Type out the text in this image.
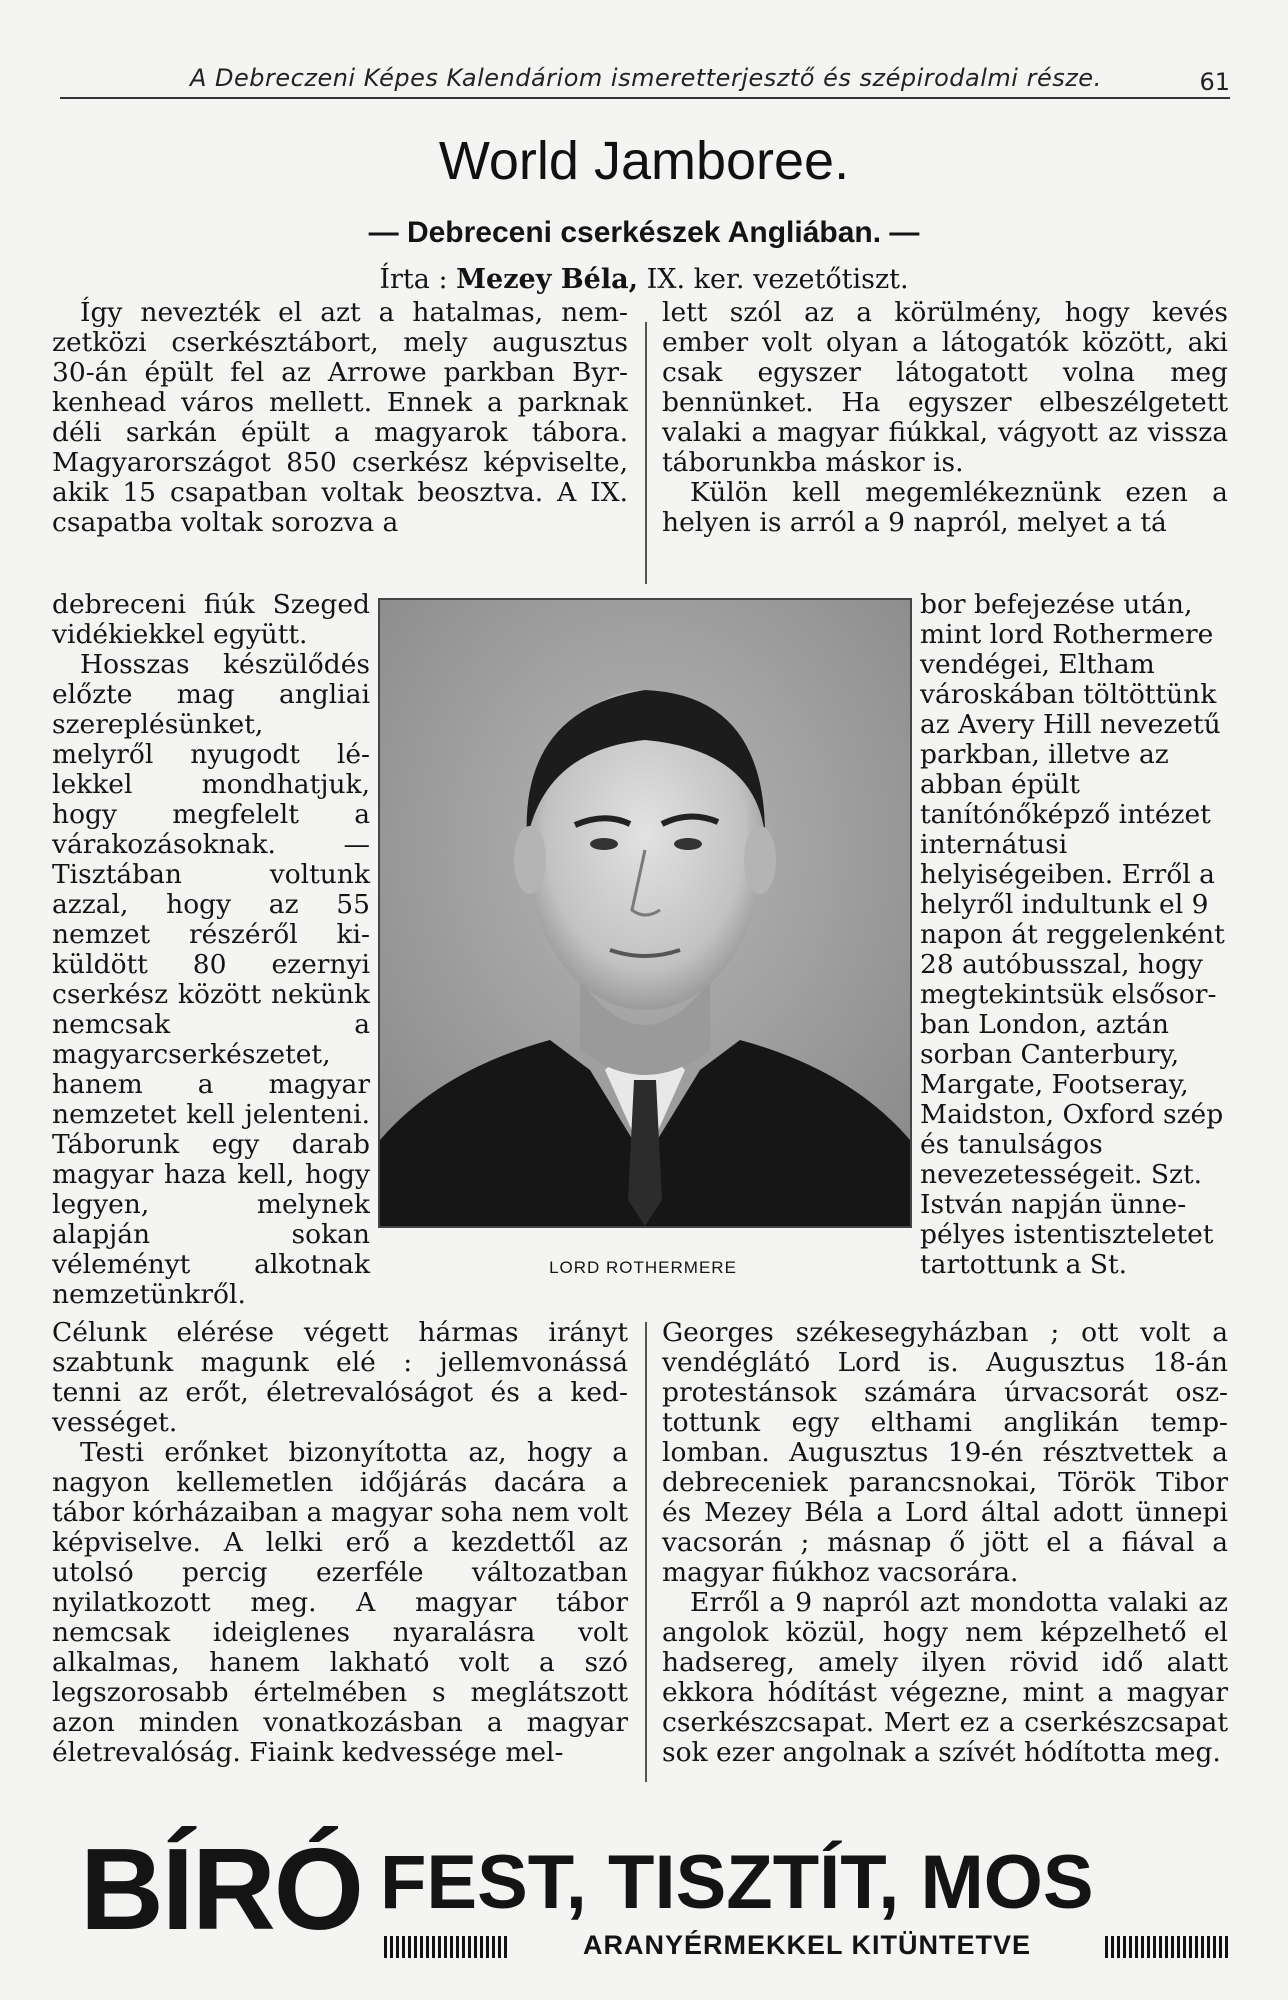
A Debreczeni Képes Kalendáriom ismeretterjesztő és szépirodalmi része.	61
World Jamboree.
— Debreceni cserkészek Angliában. —
Írta : Mezey Béla, IX. ker. vezetőtiszt.

Így nevezték el azt a hatalmas, nemzetközi cserkésztábort, mely augusztus 30-án épült fel az Arrowe parkban Byrkenhead város mellett. Ennek a parknak déli sarkán épült a magyarok tábora. Magyarországot 850 cserkész képviselte, akik 15 csapatban voltak beosztva. A IX. csapatba voltak sorozva a

lett szól az a körülmény, hogy kevés ember volt olyan a látogatók között, aki csak egyszer látogatott volna meg bennünket. Ha egyszer elbeszélgetett valaki a magyar fiúkkal, vágyott az vissza táborunkba máskor is.

Külön kell megemlékeznünk ezen a helyen is arról a 9 napról, melyet a tá

debreceni fiúk Szeged vidékiekkel együtt.

Hosszas készülődés előzte mag angliai szereplésünket, melyről nyugodt lélekkel mondhatjuk, hogy megfelelt a várakozásoknak. — Tisztában voltunk azzal, hogy az 55 nemzet részéről kiküldött 80 ezernyi cserkész között nekünk nemcsak a magyarcserkészetet, hanem a magyar nemzetet kell jelenteni. Táborunk egy darab magyar haza kell, hogy legyen, melynek alapján sokan véleményt alkotnak nemzetünkről.

LORD ROTHERMERE

bor befejezése után, mint lord Rothermere vendégei, Eltham városkában töltöttünk az Avery Hill nevezetű parkban, illetve az abban épült tanítónőképző intézet internátusi helyiségeiben. Erről a helyről indultunk el 9 napon át reggelenként 28 autóbusszal, hogy megtekintsük elsősorban London, aztán sorban Canterbury, Margate, Footseray, Maidston, Oxford szép és tanulságos nevezetességeit. Szt. István napján ünnepélyes istentiszteletet tartottunk a St.

Célunk elérése végett hármas irányt szabtunk magunk elé : jellemvonássá tenni az erőt, életrevalóságot és a kedvességet.

Testi erőnket bizonyította az, hogy a nagyon kellemetlen időjárás dacára a tábor kórházaiban a magyar soha nem volt képviselve. A lelki erő a kezdettől az utolsó percig ezerféle változatban nyilatkozott meg. A magyar tábor nemcsak ideiglenes nyaralásra volt alkalmas, hanem lakható volt a szó legszorosabb értelmében s meglátszott azon minden vonatkozásban a magyar életrevalóság. Fiaink kedvessége mel-

Georges székesegyházban ; ott volt a vendéglátó Lord is. Augusztus 18-án protestánsok számára úrvacsorát osztottunk egy elthami anglikán templomban. Augusztus 19-én résztvettek a debreceniek parancsnokai, Török Tibor és Mezey Béla a Lord által adott ünnepi vacsorán ; másnap ő jött el a fiával a magyar fiúkhoz vacsorára.

Erről a 9 napról azt mondotta valaki az angolok közül, hogy nem képzelhető el hadsereg, amely ilyen rövid idő alatt ekkora hódítást végezne, mint a magyar cserkészcsapat. Mert ez a cserkészcsapat sok ezer angolnak a szívét hódította meg.

BÍRÓ FEST, TISZTÍT, MOS
ARANYÉRMEKKEL KITÜNTETVE
